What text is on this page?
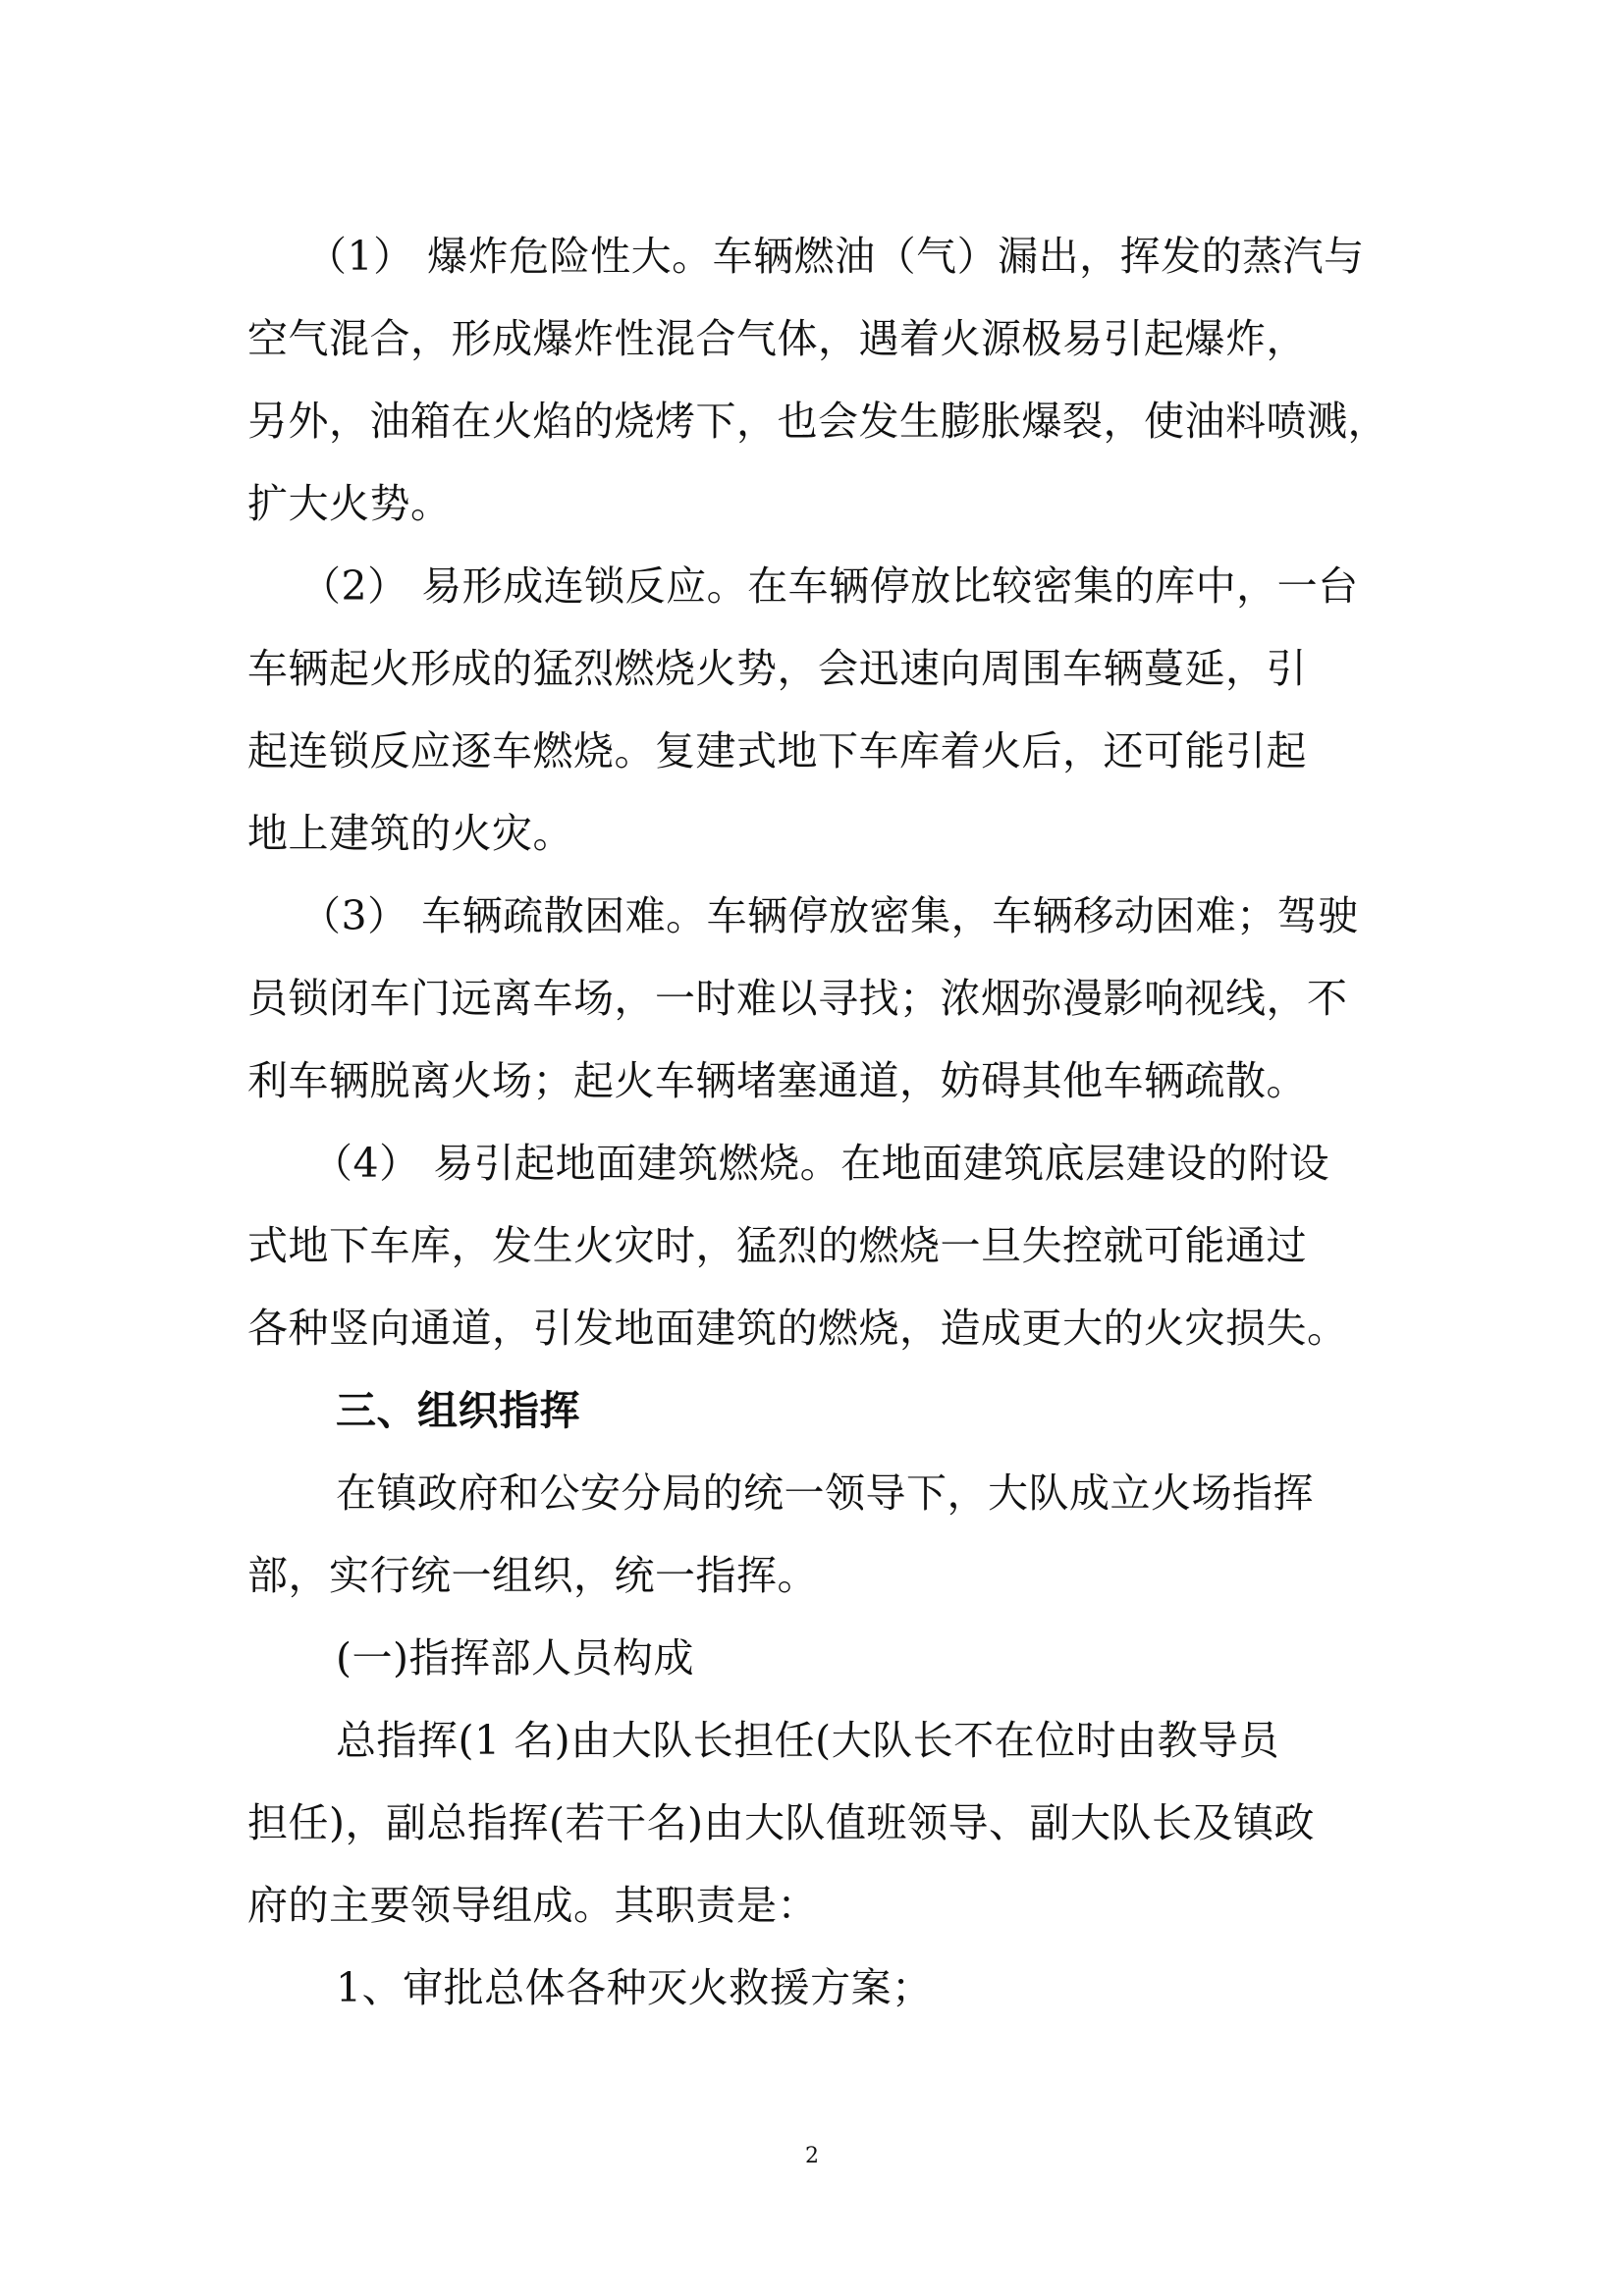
（1） 爆炸危险性大。车辆燃油（气）漏出，挥发的蒸汽与
空气混合，形成爆炸性混合气体，遇着火源极易引起爆炸，
另外，油箱在火焰的烧烤下，也会发生膨胀爆裂，使油料喷溅，
扩大火势。
（2） 易形成连锁反应。在车辆停放比较密集的库中，一台
车辆起火形成的猛烈燃烧火势，会迅速向周围车辆蔓延，引
起连锁反应逐车燃烧。复建式地下车库着火后，还可能引起
地上建筑的火灾。
（3） 车辆疏散困难。车辆停放密集，车辆移动困难；驾驶
员锁闭车门远离车场，一时难以寻找；浓烟弥漫影响视线，不
利车辆脱离火场；起火车辆堵塞通道，妨碍其他车辆疏散。
（4） 易引起地面建筑燃烧。在地面建筑底层建设的附设
式地下车库，发生火灾时，猛烈的燃烧一旦失控就可能通过
各种竖向通道，引发地面建筑的燃烧，造成更大的火灾损失。
三、组织指挥
在镇政府和公安分局的统一领导下，大队成立火场指挥
部，实行统一组织，统一指挥。
(一)指挥部人员构成
总指挥(1 名)由大队长担任(大队长不在位时由教导员
担任)，副总指挥(若干名)由大队值班领导、副大队长及镇政
府的主要领导组成。其职责是：
1、审批总体各种灭火救援方案；
2
